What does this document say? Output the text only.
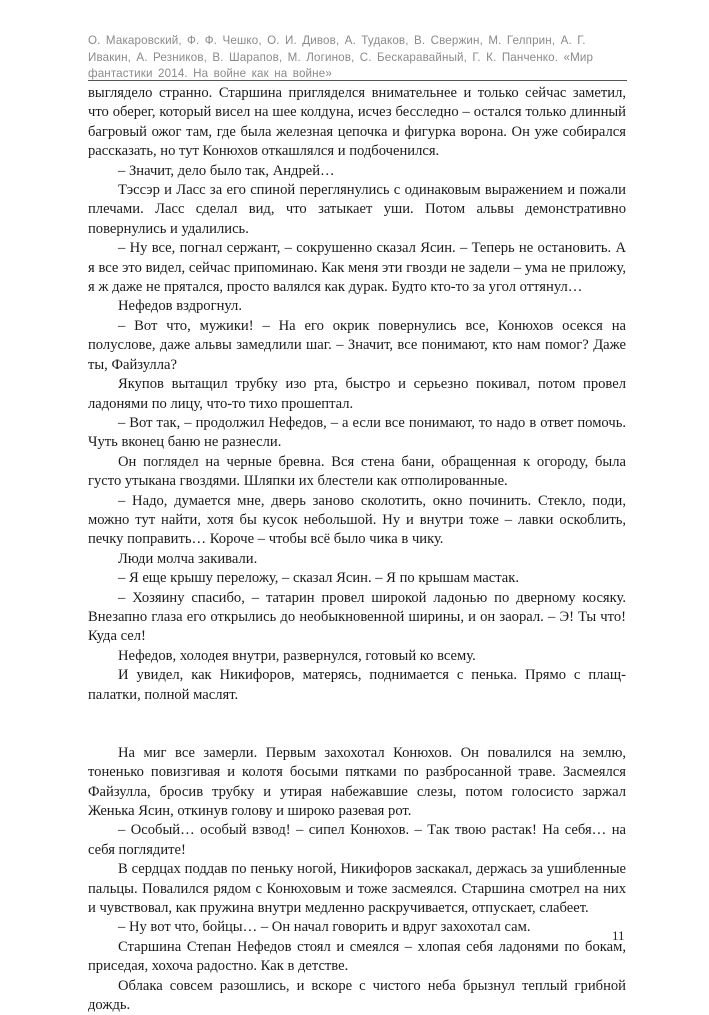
О. Макаровский, Ф. Ф. Чешко, О. И. Дивов, А. Тудаков, В. Свержин, М. Гелприн, А. Г. Ивакин, А. Резников, В. Шарапов, М. Логинов, С. Бескаравайный, Г. К. Панченко. «Мир фантастики 2014. На войне как на войне»

выглядело странно. Старшина пригляделся внимательнее и только сейчас заметил, что оберег, который висел на шее колдуна, исчез бесследно – остался только длинный багровый ожог там, где была железная цепочка и фигурка ворона. Он уже собирался рассказать, но тут Конюхов откашлялся и подбоченился.

– Значит, дело было так, Андрей…

Тэссэр и Ласс за его спиной переглянулись с одинаковым выражением и пожали плечами. Ласс сделал вид, что затыкает уши. Потом альвы демонстративно повернулись и удалились.

– Ну все, погнал сержант, – сокрушенно сказал Ясин. – Теперь не остановить. А я все это видел, сейчас припоминаю. Как меня эти гвозди не задели – ума не приложу, я ж даже не прятался, просто валялся как дурак. Будто кто-то за угол оттянул…

Нефедов вздрогнул.

– Вот что, мужики! – На его окрик повернулись все, Конюхов осекся на полуслове, даже альвы замедлили шаг. – Значит, все понимают, кто нам помог? Даже ты, Файзулла?

Якупов вытащил трубку изо рта, быстро и серьезно покивал, потом провел ладонями по лицу, что-то тихо прошептал.

– Вот так, – продолжил Нефедов, – а если все понимают, то надо в ответ помочь. Чуть вконец баню не разнесли.

Он поглядел на черные бревна. Вся стена бани, обращенная к огороду, была густо утыкана гвоздями. Шляпки их блестели как отполированные.

– Надо, думается мне, дверь заново сколотить, окно починить. Стекло, поди, можно тут найти, хотя бы кусок небольшой. Ну и внутри тоже – лавки оскоблить, печку поправить… Короче – чтобы всё было чика в чику.

Люди молча закивали.

– Я еще крышу переложу, – сказал Ясин. – Я по крышам мастак.

– Хозяину спасибо, – татарин провел широкой ладонью по дверному косяку. Внезапно глаза его открылись до необыкновенной ширины, и он заорал. – Э! Ты что! Куда сел!

Нефедов, холодея внутри, развернулся, готовый ко всему.

И увидел, как Никифоров, матерясь, поднимается с пенька. Прямо с плащ-палатки, полной маслят.

На миг все замерли. Первым захохотал Конюхов. Он повалился на землю, тоненько повизгивая и колотя босыми пятками по разбросанной траве. Засмеялся Файзулла, бросив трубку и утирая набежавшие слезы, потом голосисто заржал Женька Ясин, откинув голову и широко разевая рот.

– Особый… особый взвод! – сипел Конюхов. – Так твою растак! На себя… на себя поглядите!

В сердцах поддав по пеньку ногой, Никифоров заскакал, держась за ушибленные пальцы. Повалился рядом с Конюховым и тоже засмеялся. Старшина смотрел на них и чувствовал, как пружина внутри медленно раскручивается, отпускает, слабеет.

– Ну вот что, бойцы… – Он начал говорить и вдруг захохотал сам.

Старшина Степан Нефедов стоял и смеялся – хлопая себя ладонями по бокам, приседая, хохоча радостно. Как в детстве.

Облака совсем разошлись, и вскоре с чистого неба брызнул теплый грибной дождь.

11
